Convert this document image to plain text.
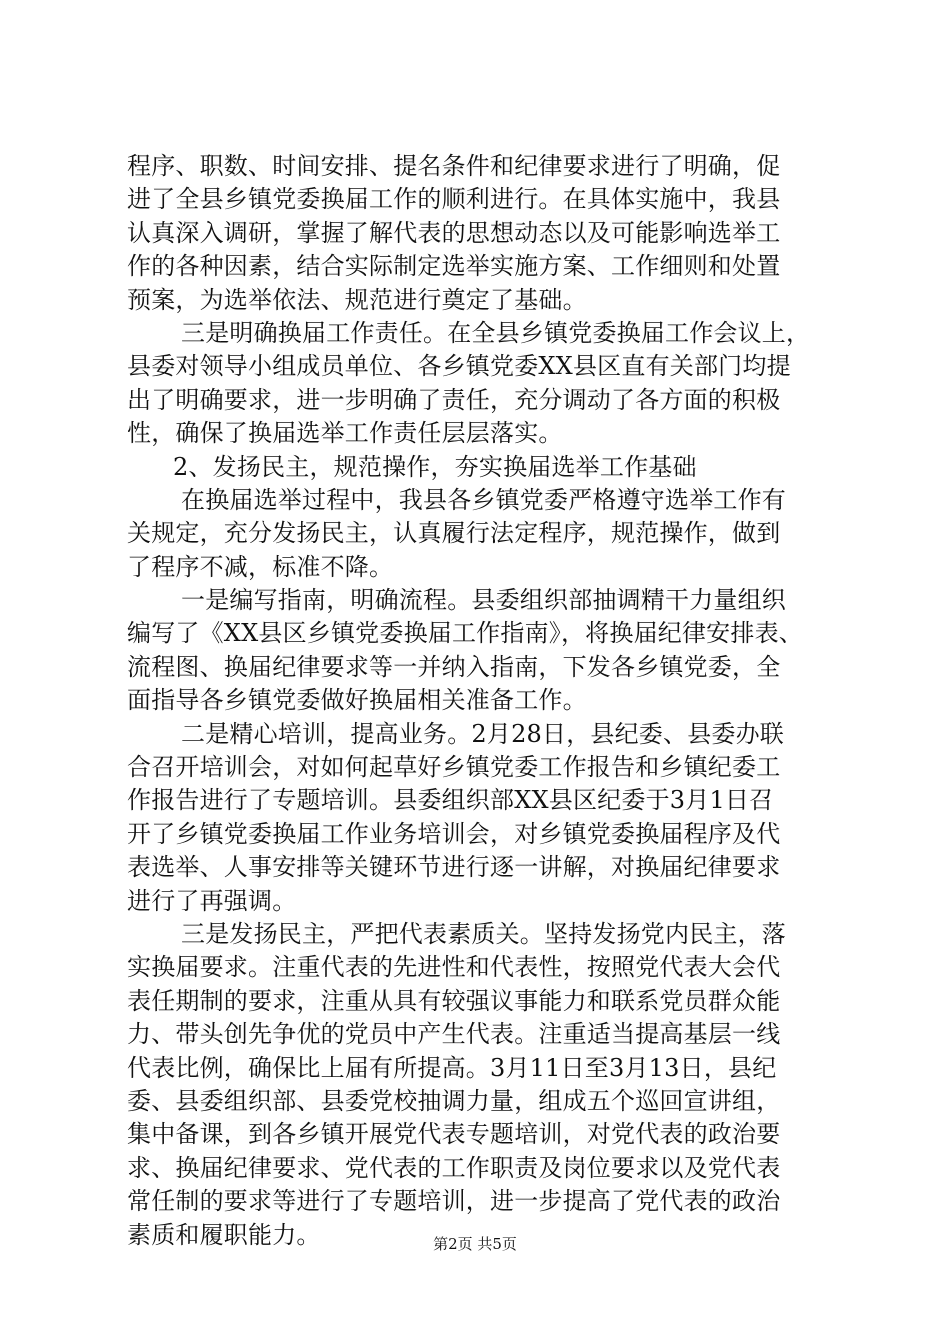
程序、职数、时间安排、提名条件和纪律要求进行了明确，促
进了全县乡镇党委换届工作的顺利进行。在具体实施中，我县
认真深入调研，掌握了解代表的思想动态以及可能影响选举工
作的各种因素，结合实际制定选举实施方案、工作细则和处置
预案，为选举依法、规范进行奠定了基础。
三是明确换届工作责任。在全县乡镇党委换届工作会议上，
县委对领导小组成员单位、各乡镇党委XX县区直有关部门均提
出了明确要求，进一步明确了责任，充分调动了各方面的积极
性，确保了换届选举工作责任层层落实。
2、发扬民主，规范操作，夯实换届选举工作基础
在换届选举过程中，我县各乡镇党委严格遵守选举工作有
关规定，充分发扬民主，认真履行法定程序，规范操作，做到
了程序不减，标准不降。
一是编写指南，明确流程。县委组织部抽调精干力量组织
编写了《XX县区乡镇党委换届工作指南》，将换届纪律安排表、
流程图、换届纪律要求等一并纳入指南，下发各乡镇党委，全
面指导各乡镇党委做好换届相关准备工作。
二是精心培训，提高业务。2月28日，县纪委、县委办联
合召开培训会，对如何起草好乡镇党委工作报告和乡镇纪委工
作报告进行了专题培训。县委组织部XX县区纪委于3月1日召
开了乡镇党委换届工作业务培训会，对乡镇党委换届程序及代
表选举、人事安排等关键环节进行逐一讲解，对换届纪律要求
进行了再强调。
三是发扬民主，严把代表素质关。坚持发扬党内民主，落
实换届要求。注重代表的先进性和代表性，按照党代表大会代
表任期制的要求，注重从具有较强议事能力和联系党员群众能
力、带头创先争优的党员中产生代表。注重适当提高基层一线
代表比例，确保比上届有所提高。3月11日至3月13日，县纪
委、县委组织部、县委党校抽调力量，组成五个巡回宣讲组，
集中备课，到各乡镇开展党代表专题培训，对党代表的政治要
求、换届纪律要求、党代表的工作职责及岗位要求以及党代表
常任制的要求等进行了专题培训，进一步提高了党代表的政治
素质和履职能力。	第2页 共5页
